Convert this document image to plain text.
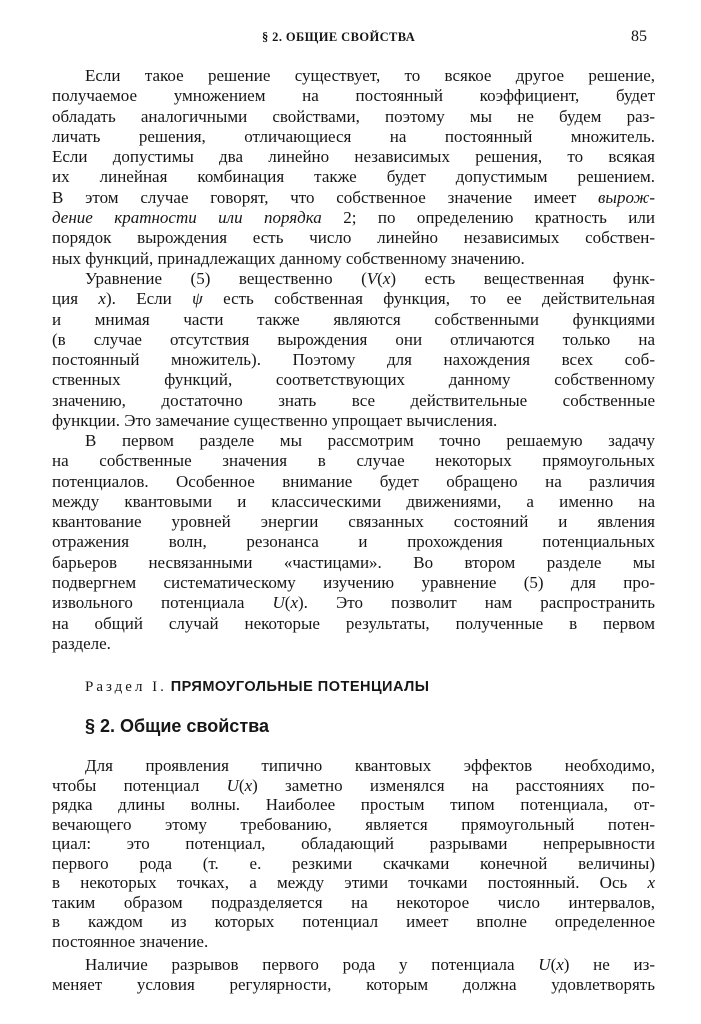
§ 2. ОБЩИЕ СВОЙСТВА	85
Если такое решение существует, то всякое другое решение,
получаемое умножением на постоянный коэффициент, будет
обладать аналогичными свойствами, поэтому мы не будем раз-
личать решения, отличающиеся на постоянный множитель.
Если допустимы два линейно независимых решения, то всякая
их линейная комбинация также будет допустимым решением.
В этом случае говорят, что собственное значение имеет вырож-
дение кратности или порядка 2; по определению кратность или
порядок вырождения есть число линейно независимых собствен-
ных функций, принадлежащих данному собственному значению.
Уравнение (5) вещественно (V(x) есть вещественная функ-
ция x). Если ψ есть собственная функция, то ее действительная
и мнимая части также являются собственными функциями
(в случае отсутствия вырождения они отличаются только на
постоянный множитель). Поэтому для нахождения всех соб-
ственных функций, соответствующих данному собственному
значению, достаточно знать все действительные собственные
функции. Это замечание существенно упрощает вычисления.
В первом разделе мы рассмотрим точно решаемую задачу
на собственные значения в случае некоторых прямоугольных
потенциалов. Особенное внимание будет обращено на различия
между квантовыми и классическими движениями, а именно на
квантование уровней энергии связанных состояний и явления
отражения волн, резонанса и прохождения потенциальных
барьеров несвязанными «частицами». Во втором разделе мы
подвергнем систематическому изучению уравнение (5) для про-
извольного потенциала U(x). Это позволит нам распространить
на общий случай некоторые результаты, полученные в первом
разделе.
Раздел I. ПРЯМОУГОЛЬНЫЕ ПОТЕНЦИАЛЫ
§ 2. Общие свойства
Для проявления типично квантовых эффектов необходимо,
чтобы потенциал U(x) заметно изменялся на расстояниях по-
рядка длины волны. Наиболее простым типом потенциала, от-
вечающего этому требованию, является прямоугольный потен-
циал: это потенциал, обладающий разрывами непрерывности
первого рода (т. е. резкими скачками конечной величины)
в некоторых точках, а между этими точками постоянный. Ось x
таким образом подразделяется на некоторое число интервалов,
в каждом из которых потенциал имеет вполне определенное
постоянное значение.
Наличие разрывов первого рода у потенциала U(x) не из-
меняет условия регулярности, которым должна удовлетворять
